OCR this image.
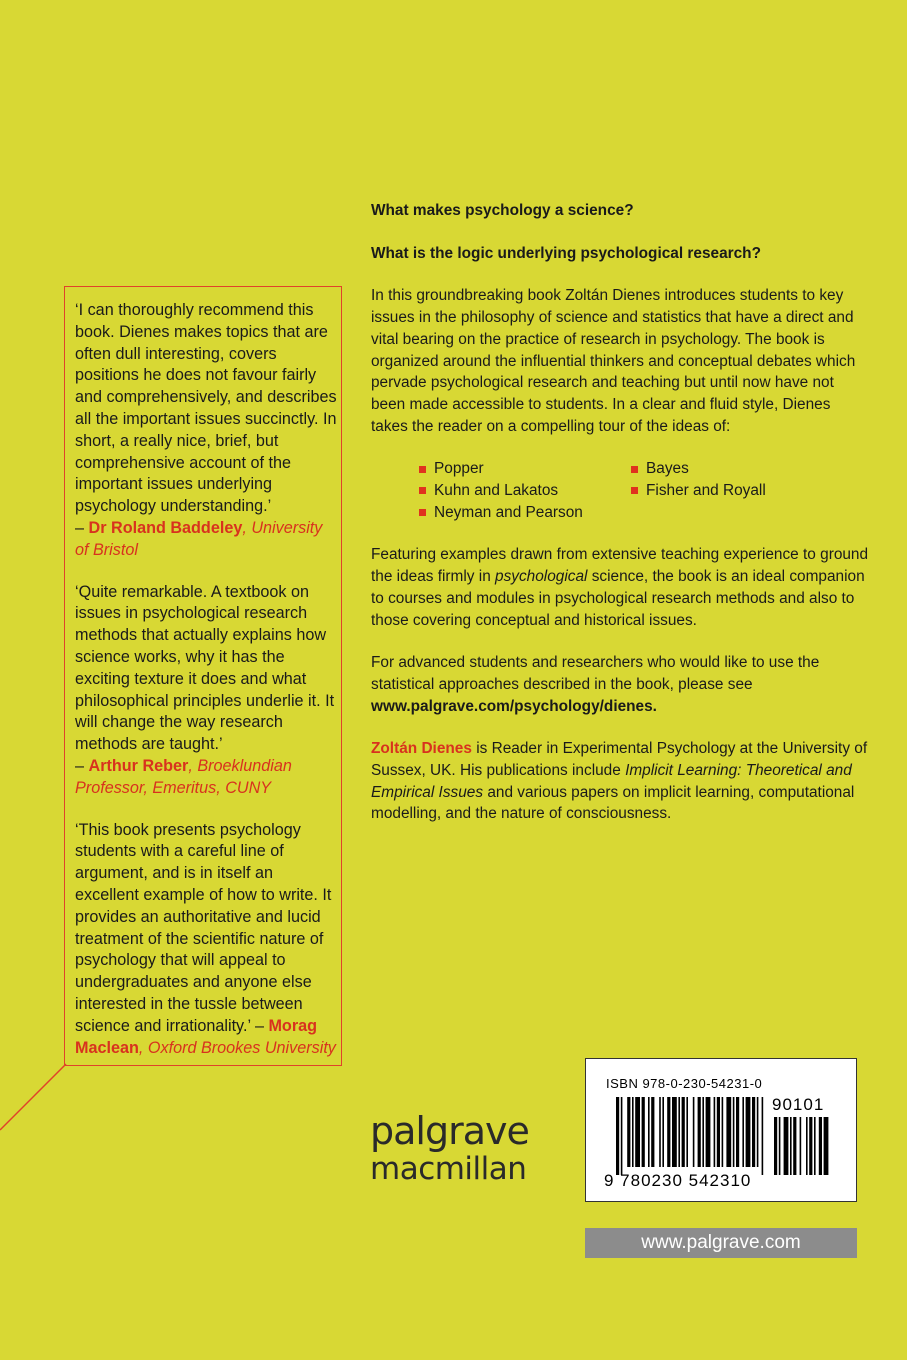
‘I can thoroughly recommend this book. Dienes makes topics that are often dull interesting, covers positions he does not favour fairly and comprehensively, and describes all the important issues succinctly. In short, a really nice, brief, but comprehensive account of the important issues underlying psychology understanding.’
– Dr Roland Baddeley, University of Bristol

‘Quite remarkable. A textbook on issues in psychological research methods that actually explains how science works, why it has the exciting texture it does and what philosophical principles underlie it. It will change the way research methods are taught.’
– Arthur Reber, Broeklundian Professor, Emeritus, CUNY

‘This book presents psychology students with a careful line of argument, and is in itself an excellent example of how to write. It provides an authoritative and lucid treatment of the scientific nature of psychology that will appeal to undergraduates and anyone else interested in the tussle between science and irrationality.’ – Morag Maclean, Oxford Brookes University

What makes psychology a science?

What is the logic underlying psychological research?

In this groundbreaking book Zoltán Dienes introduces students to key issues in the philosophy of science and statistics that have a direct and vital bearing on the practice of research in psychology. The book is organized around the influential thinkers and conceptual debates which pervade psychological research and teaching but until now have not been made accessible to students. In a clear and fluid style, Dienes takes the reader on a compelling tour of the ideas of:

Popper	Bayes
Kuhn and Lakatos	Fisher and Royall
Neyman and Pearson

Featuring examples drawn from extensive teaching experience to ground the ideas firmly in psychological science, the book is an ideal companion to courses and modules in psychological research methods and also to those covering conceptual and historical issues.

For advanced students and researchers who would like to use the statistical approaches described in the book, please see www.palgrave.com/psychology/dienes.

Zoltán Dienes is Reader in Experimental Psychology at the University of Sussex, UK. His publications include Implicit Learning: Theoretical and Empirical Issues and various papers on implicit learning, computational modelling, and the nature of consciousness.

palgrave
macmillan
ISBN 978-0-230-54231-0
90101
9 780230 542310
www.palgrave.com
